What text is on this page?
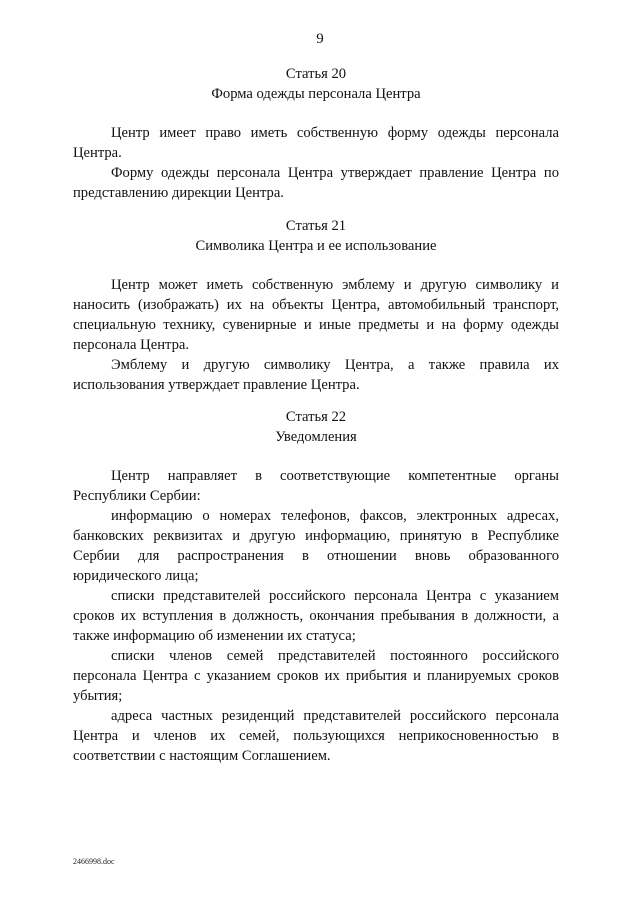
9
Статья 20
Форма одежды персонала Центра

Центр имеет право иметь собственную форму одежды персонала Центра.

Форму одежды персонала Центра утверждает правление Центра по представлению дирекции Центра.

Статья 21
Символика Центра и ее использование

Центр может иметь собственную эмблему и другую символику и наносить (изображать) их на объекты Центра, автомобильный транспорт, специальную технику, сувенирные и иные предметы и на форму одежды персонала Центра.

Эмблему и другую символику Центра, а также правила их использования утверждает правление Центра.

Статья 22
Уведомления

Центр направляет в соответствующие компетентные органы Республики Сербии:

информацию о номерах телефонов, факсов, электронных адресах, банковских реквизитах и другую информацию, принятую в Республике Сербии для распространения в отношении вновь образованного юридического лица;

списки представителей российского персонала Центра с указанием сроков их вступления в должность, окончания пребывания в должности, а также информацию об изменении их статуса;

списки членов семей представителей постоянного российского персонала Центра с указанием сроков их прибытия и планируемых сроков убытия;

адреса частных резиденций представителей российского персонала Центра и членов их семей, пользующихся неприкосновенностью в соответствии с настоящим Соглашением.

2466998.doc
